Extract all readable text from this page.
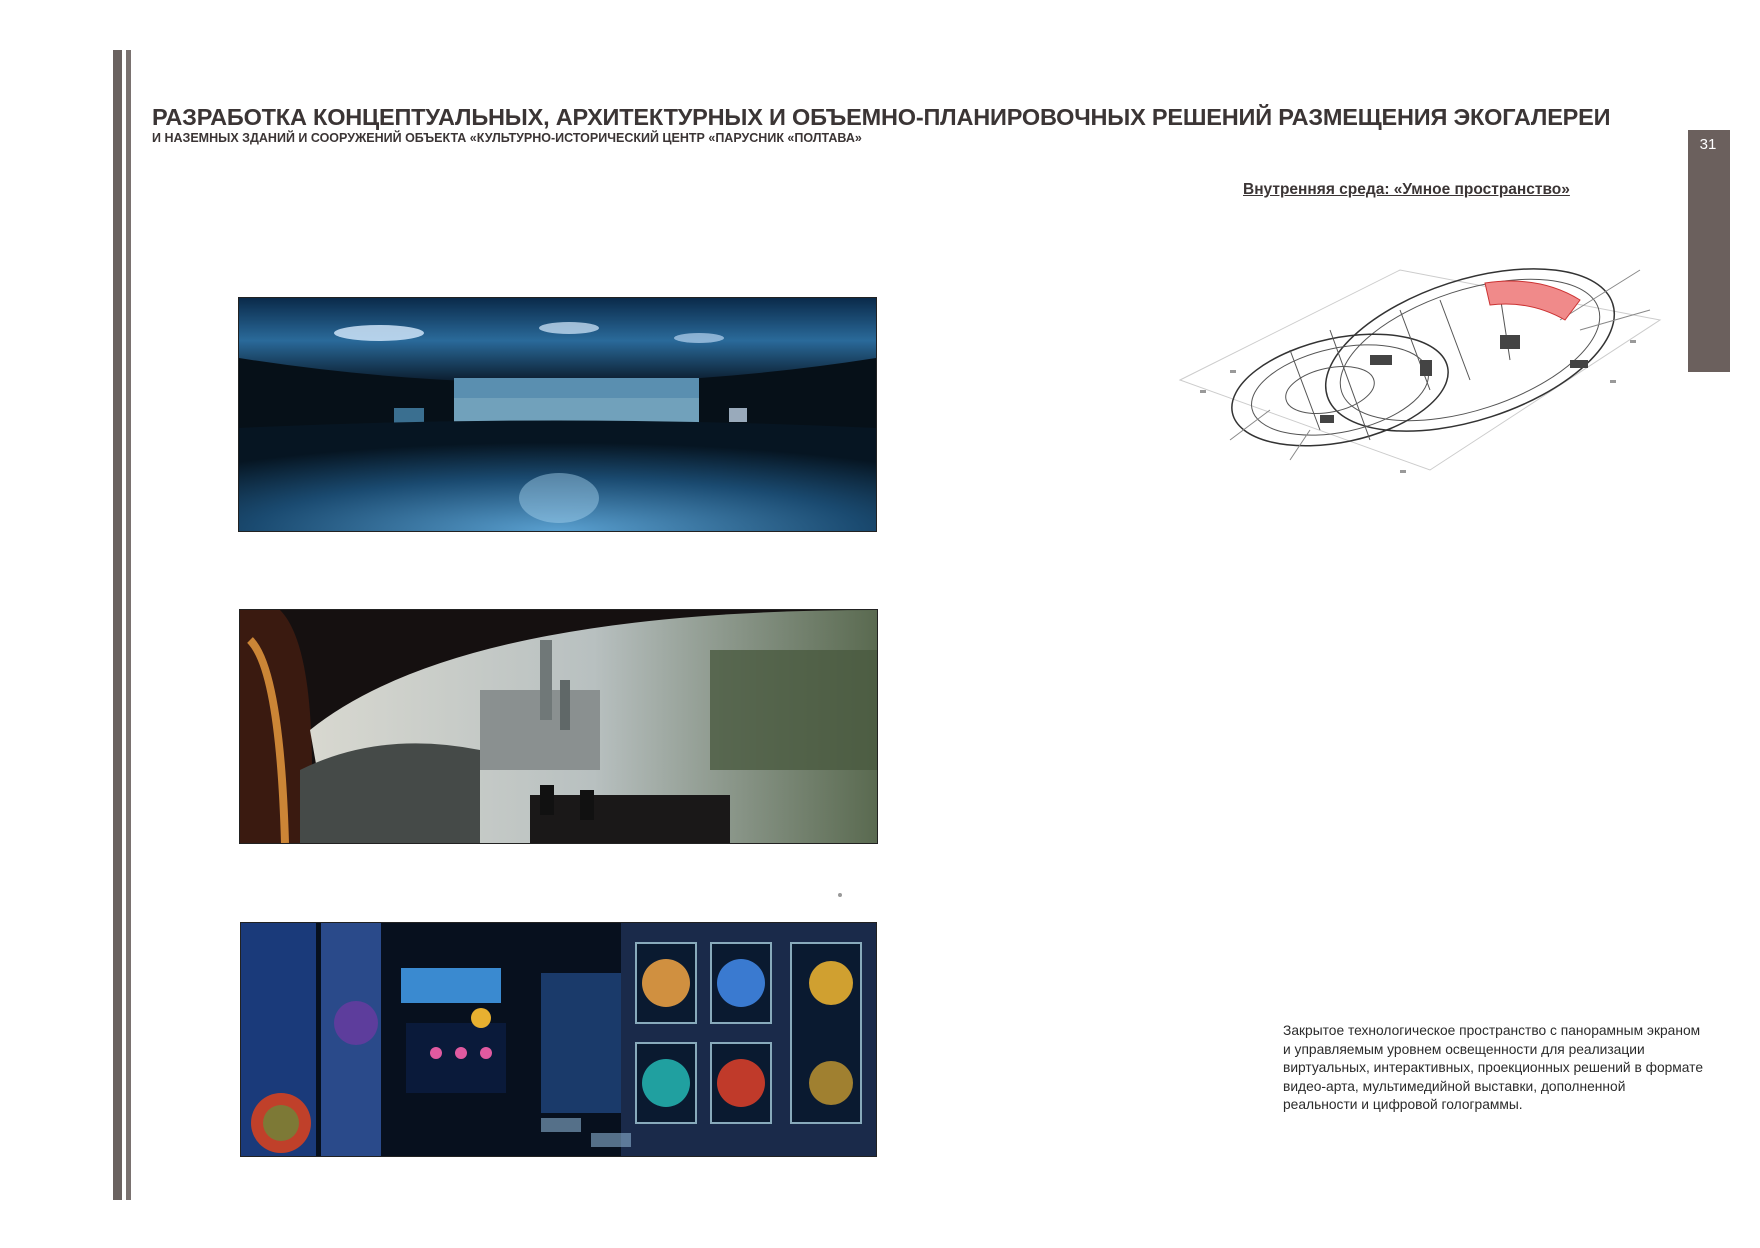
РАЗРАБОТКА КОНЦЕПТУАЛЬНЫХ, АРХИТЕКТУРНЫХ И ОБЪЕМНО-ПЛАНИРОВОЧНЫХ РЕШЕНИЙ РАЗМЕЩЕНИЯ ЭКОГАЛЕРЕИ
И НАЗЕМНЫХ ЗДАНИЙ И СООРУЖЕНИЙ ОБЪЕКТА «КУЛЬТУРНО-ИСТОРИЧЕСКИЙ ЦЕНТР «ПАРУСНИК «ПОЛТАВА»	31
Внутренняя среда: «Умное пространство»

Закрытое технологическое пространство с панорамным экраном и управляемым уровнем освещенности для реализации виртуальных, интерактивных, проекционных решений в формате видео-арта, мультимедийной выставки, дополненной реальности и цифровой голограммы.
